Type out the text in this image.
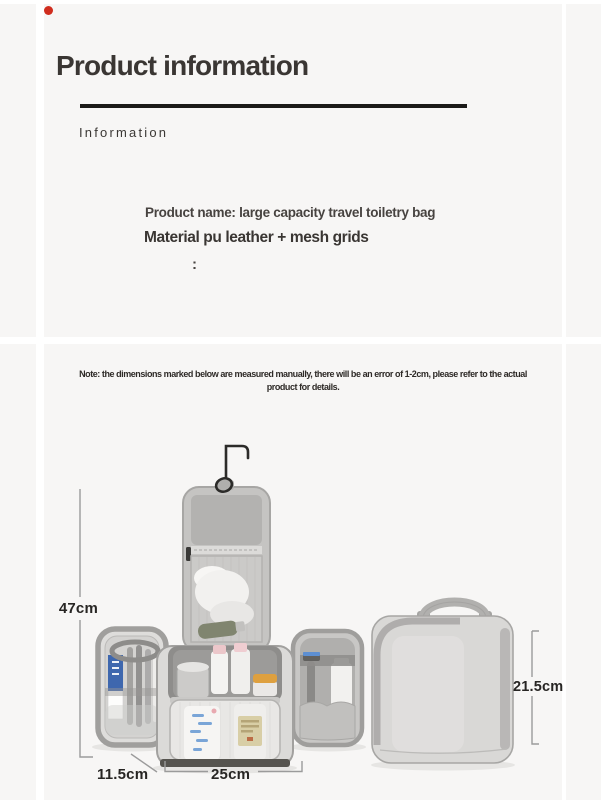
Product information
Information
Product name: large capacity travel toiletry bag
Material pu leather + mesh grids
:
Note: the dimensions marked below are measured manually, there will be an error of 1-2cm, please refer to the actual
product for details.
47cm
21.5cm
11.5cm	25cm
